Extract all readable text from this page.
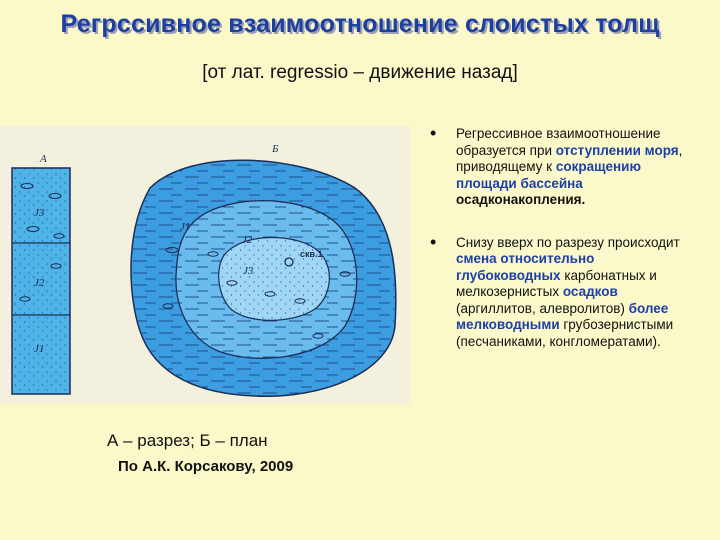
Регрссивное взаимоотношение слоистых толщ
[от лат. regressio – движение назад]
А
J3
J2
J1
Б
J1
J2
J3
скв.1
А – разрез; Б – план
По А.К. Корсакову, 2009
• Регрессивное взаимоотношение образуется при отступлении моря, приводящему к сокращению площади бассейна осадконакопления.
• Снизу вверх по разрезу происходит смена относительно глубоководных карбонатных и мелкозернистых осадков (аргиллитов, алевролитов) более мелководными грубозернистыми (песчаниками, конгломератами).
